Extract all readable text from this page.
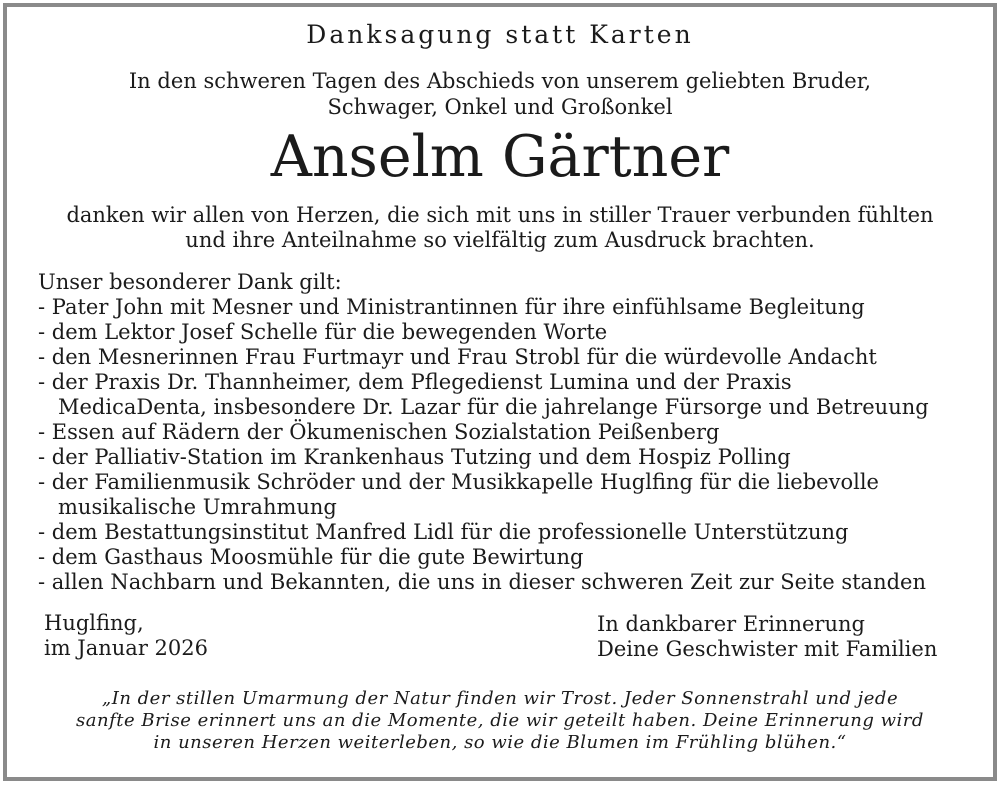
Danksagung statt Karten
In den schweren Tagen des Abschieds von unserem geliebten Bruder,
Schwager, Onkel und Großonkel
Anselm Gärtner
danken wir allen von Herzen, die sich mit uns in stiller Trauer verbunden fühlten
und ihre Anteilnahme so vielfältig zum Ausdruck brachten.
Unser besonderer Dank gilt:
- Pater John mit Mesner und Ministrantinnen für ihre einfühlsame Begleitung
- dem Lektor Josef Schelle für die bewegenden Worte
- den Mesnerinnen Frau Furtmayr und Frau Strobl für die würdevolle Andacht
- der Praxis Dr. Thannheimer, dem Pflegedienst Lumina und der Praxis
MedicaDenta, insbesondere Dr. Lazar für die jahrelange Fürsorge und Betreuung
- Essen auf Rädern der Ökumenischen Sozialstation Peißenberg
- der Palliativ-Station im Krankenhaus Tutzing und dem Hospiz Polling
- der Familienmusik Schröder und der Musikkapelle Huglfing für die liebevolle
musikalische Umrahmung
- dem Bestattungsinstitut Manfred Lidl für die professionelle Unterstützung
- dem Gasthaus Moosmühle für die gute Bewirtung
- allen Nachbarn und Bekannten, die uns in dieser schweren Zeit zur Seite standen
Huglfing,
im Januar 2026
In dankbarer Erinnerung
Deine Geschwister mit Familien
„In der stillen Umarmung der Natur finden wir Trost. Jeder Sonnenstrahl und jede
sanfte Brise erinnert uns an die Momente, die wir geteilt haben. Deine Erinnerung wird
in unseren Herzen weiterleben, so wie die Blumen im Frühling blühen.“
